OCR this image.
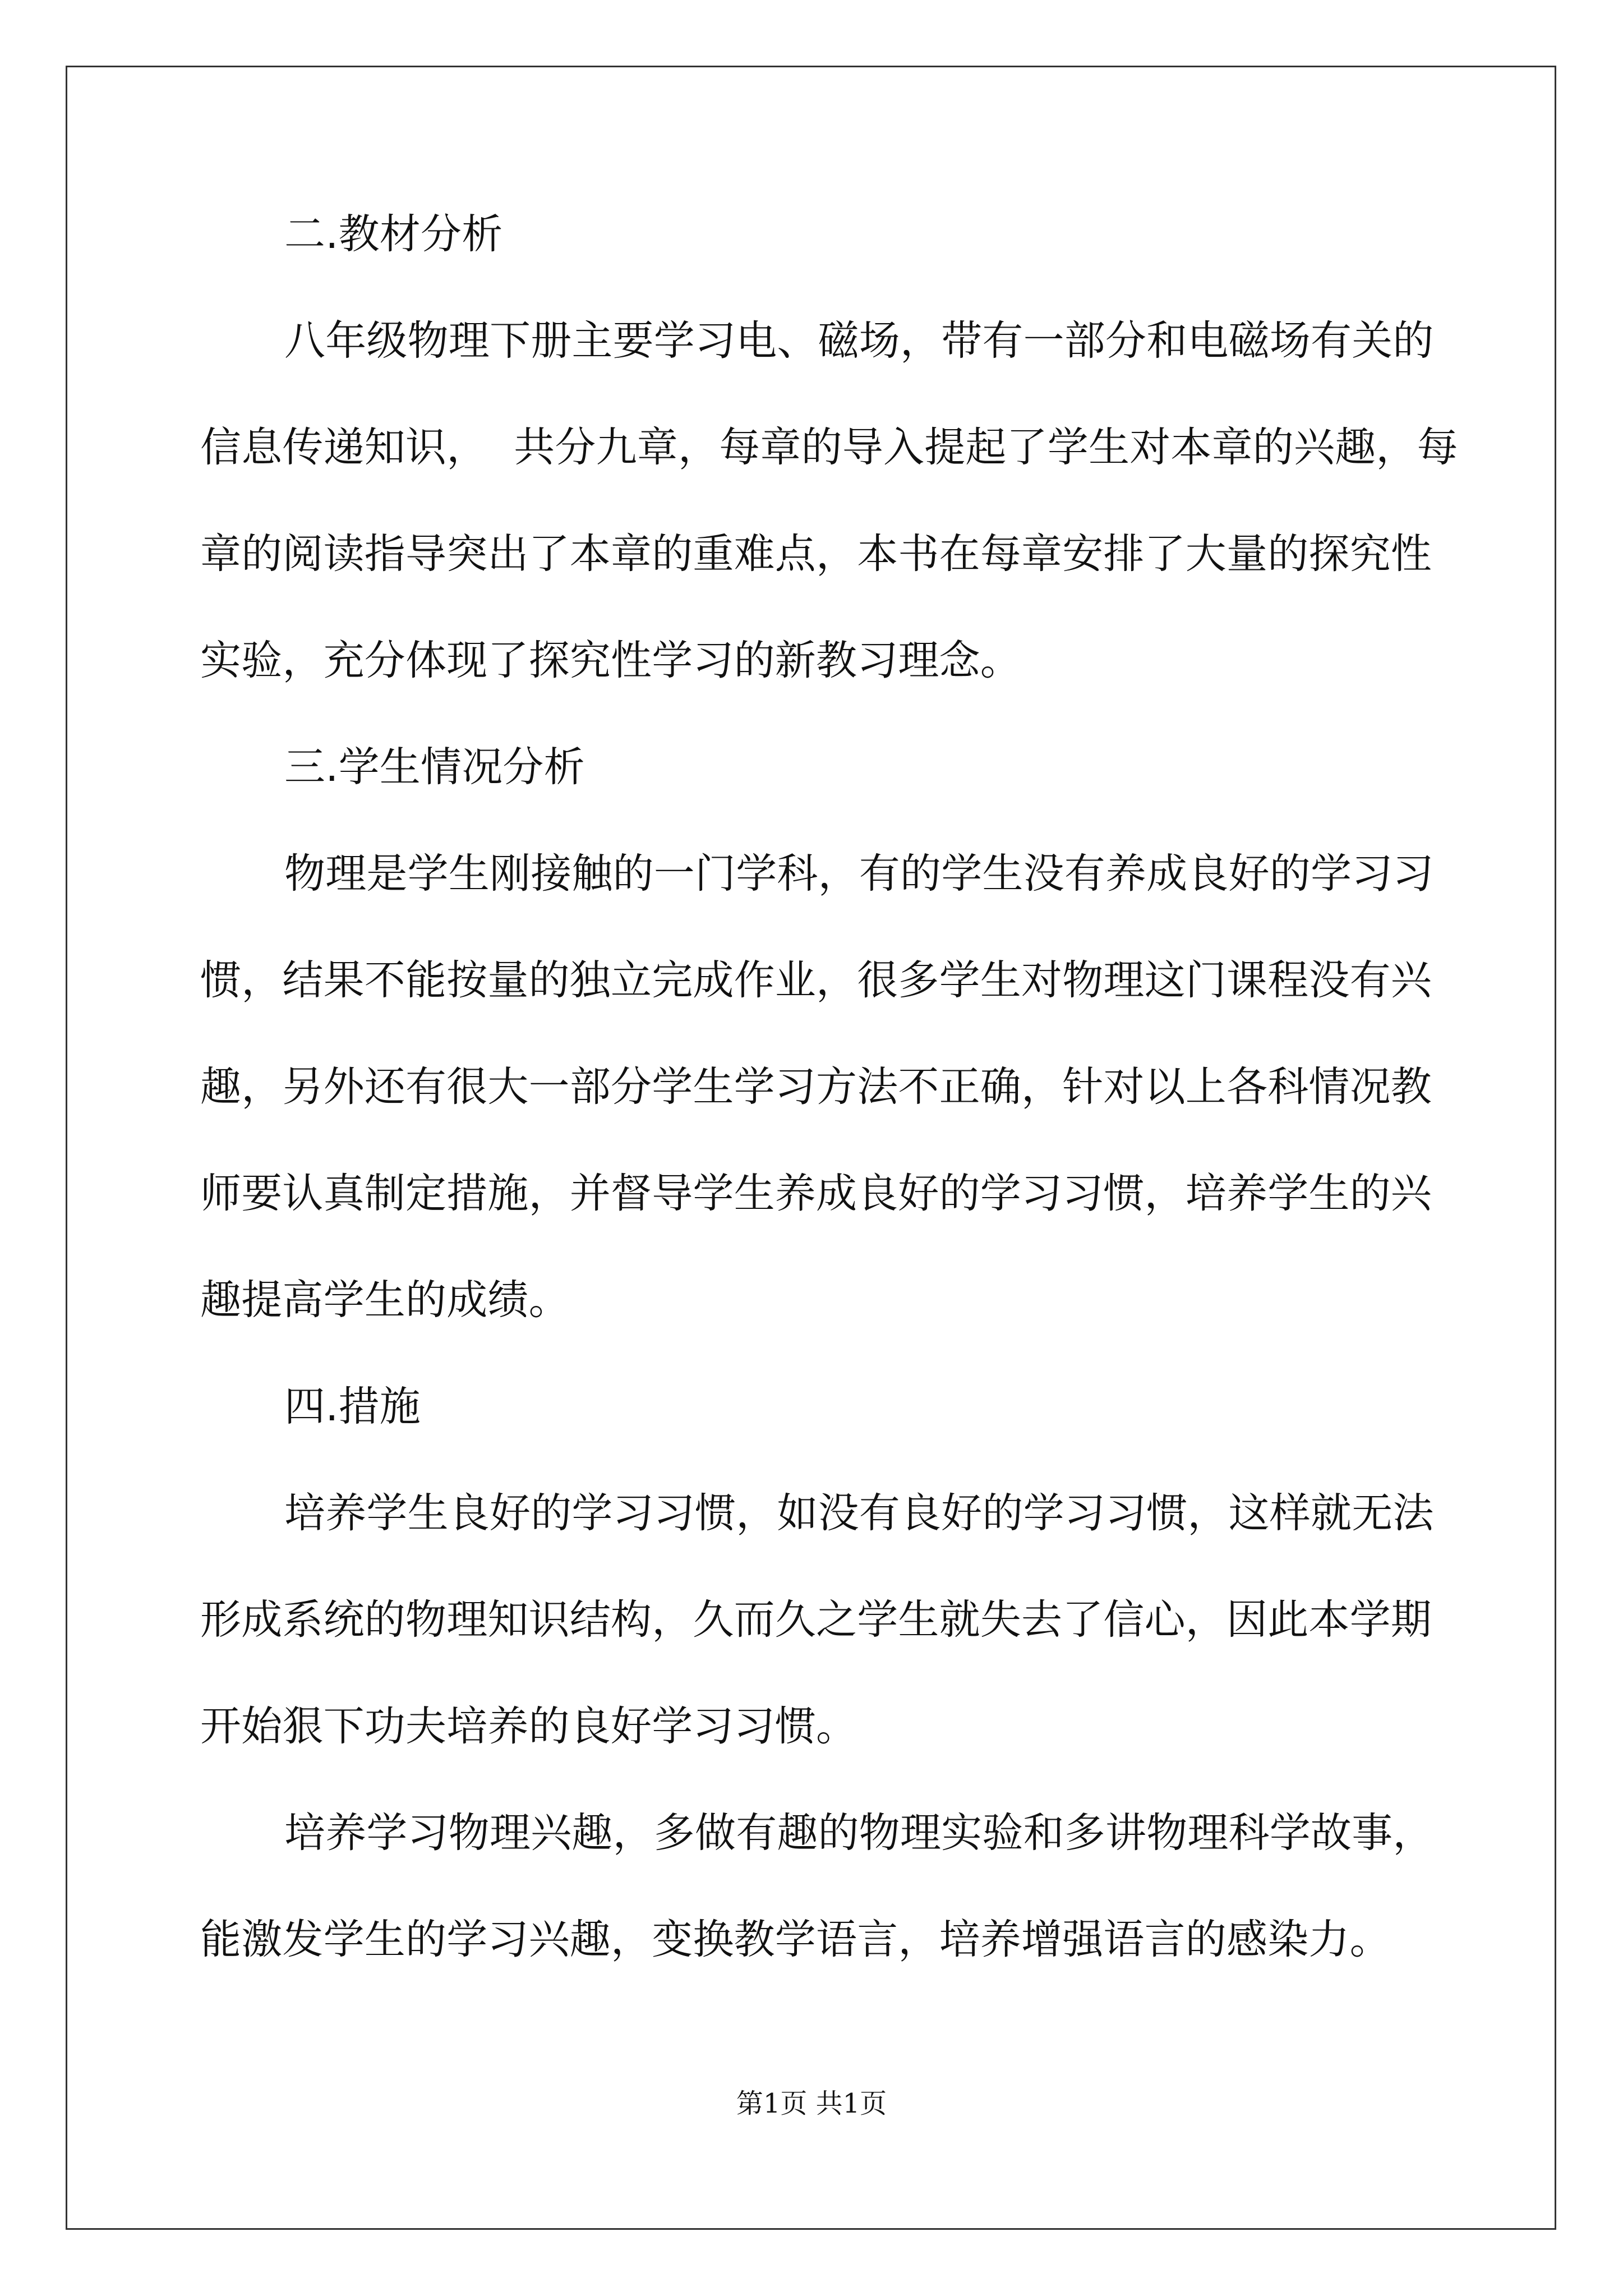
二.教材分析
八年级物理下册主要学习电、磁场，带有一部分和电磁场有关的
信息传递知识，  共分九章，每章的导入提起了学生对本章的兴趣，每
章的阅读指导突出了本章的重难点，本书在每章安排了大量的探究性
实验，充分体现了探究性学习的新教习理念。
三.学生情况分析
物理是学生刚接触的一门学科，有的学生没有养成良好的学习习
惯，结果不能按量的独立完成作业，很多学生对物理这门课程没有兴
趣，另外还有很大一部分学生学习方法不正确，针对以上各科情况教
师要认真制定措施，并督导学生养成良好的学习习惯，培养学生的兴
趣提高学生的成绩。
四.措施
培养学生良好的学习习惯，如没有良好的学习习惯，这样就无法
形成系统的物理知识结构，久而久之学生就失去了信心，因此本学期
开始狠下功夫培养的良好学习习惯。
培养学习物理兴趣，多做有趣的物理实验和多讲物理科学故事，
能激发学生的学习兴趣，变换教学语言，培养增强语言的感染力。
第1页 共1页
